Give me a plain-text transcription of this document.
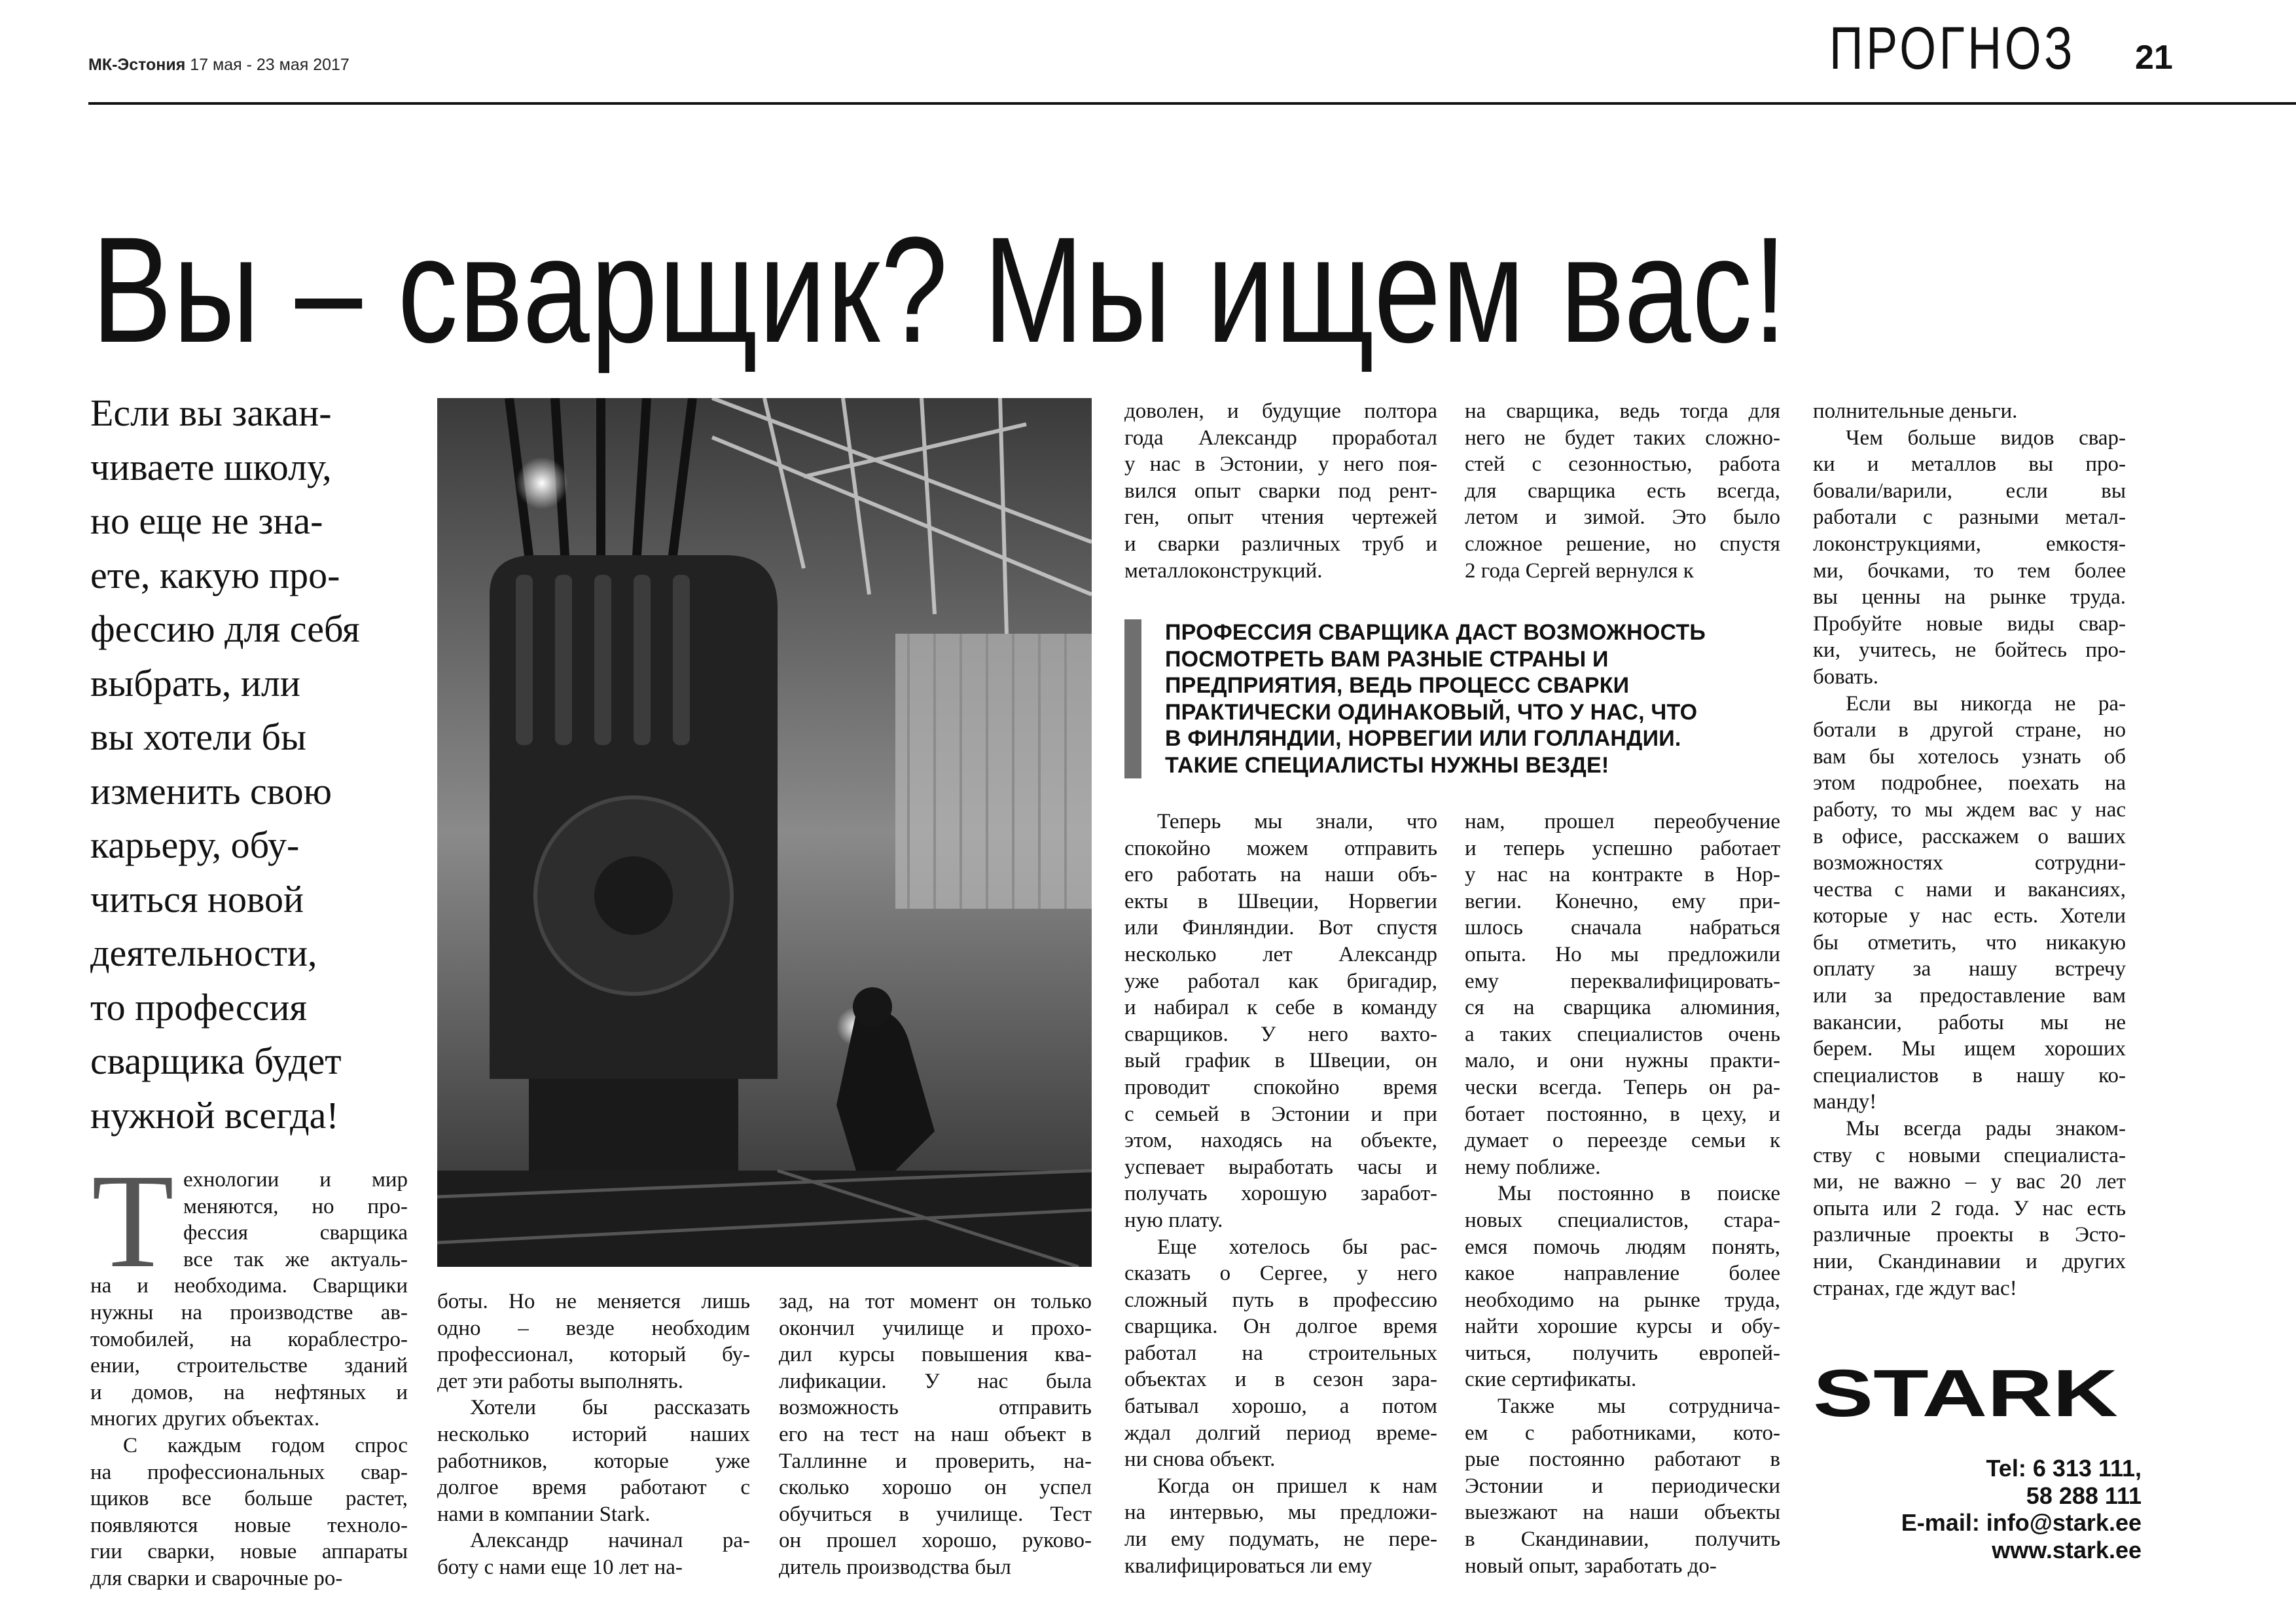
МК-Эстония 17 мая - 23 мая 2017	ПРОГНОЗ 21
Вы – сварщик? Мы ищем вас!
Если вы закан-
чиваете школу,
но еще не зна-
ете, какую про-
фессию для себя
выбрать, или
вы хотели бы
изменить свою
карьеру, обу-
читься новой
деятельности,
то профессия
сварщика будет
нужной всегда!
Т ехнологии и мир
меняются, но про-
фессия сварщика
все так же актуаль-
на и необходима. Сварщики
нужны на производстве ав-
томобилей, на кораблестро-
ении, строительстве зданий
и домов, на нефтяных и
многих других объектах.
С каждым годом спрос
на профессиональных свар-
щиков все больше растет,
появляются новые техноло-
гии сварки, новые аппараты
для сварки и сварочные ро-
боты. Но не меняется лишь
одно – везде необходим
профессионал, который бу-
дет эти работы выполнять.
Хотели бы рассказать
несколько историй наших
работников, которые уже
долгое время работают с
нами в компании Stark.
Александр начинал ра-
боту с нами еще 10 лет на-
зад, на тот момент он только
окончил училище и прохо-
дил курсы повышения ква-
лификации. У нас была
возможность отправить
его на тест на наш объект в
Таллинне и проверить, на-
сколько хорошо он успел
обучиться в училище. Тест
он прошел хорошо, руково-
дитель производства был
доволен, и будущие полтора
года Александр проработал
у нас в Эстонии, у него поя-
вился опыт сварки под рент-
ген, опыт чтения чертежей
и сварки различных труб и
металлоконструкций.
на сварщика, ведь тогда для
него не будет таких сложно-
стей с сезонностью, работа
для сварщика есть всегда,
летом и зимой. Это было
сложное решение, но спустя
2 года Сергей вернулся к
ПРОФЕССИЯ СВАРЩИКА ДАСТ ВОЗМОЖНОСТЬ
ПОСМОТРЕТЬ ВАМ РАЗНЫЕ СТРАНЫ И
ПРЕДПРИЯТИЯ, ВЕДЬ ПРОЦЕСС СВАРКИ
ПРАКТИЧЕСКИ ОДИНАКОВЫЙ, ЧТО У НАС, ЧТО
В ФИНЛЯНДИИ, НОРВЕГИИ ИЛИ ГОЛЛАНДИИ.
ТАКИЕ СПЕЦИАЛИСТЫ НУЖНЫ ВЕЗДЕ!
Теперь мы знали, что
спокойно можем отправить
его работать на наши объ-
екты в Швеции, Норвегии
или Финляндии. Вот спустя
несколько лет Александр
уже работал как бригадир,
и набирал к себе в команду
сварщиков. У него вахто-
вый график в Швеции, он
проводит спокойно время
с семьей в Эстонии и при
этом, находясь на объекте,
успевает выработать часы и
получать хорошую заработ-
ную плату.
Еще хотелось бы рас-
сказать о Сергее, у него
сложный путь в профессию
сварщика. Он долгое время
работал на строительных
объектах и в сезон зара-
батывал хорошо, а потом
ждал долгий период време-
ни снова объект.
Когда он пришел к нам
на интервью, мы предложи-
ли ему подумать, не пере-
квалифицироваться ли ему
нам, прошел переобучение
и теперь успешно работает
у нас на контракте в Нор-
вегии. Конечно, ему при-
шлось сначала набраться
опыта. Но мы предложили
ему переквалифицировать-
ся на сварщика алюминия,
а таких специалистов очень
мало, и они нужны практи-
чески всегда. Теперь он ра-
ботает постоянно, в цеху, и
думает о переезде семьи к
нему поближе.
Мы постоянно в поиске
новых специалистов, стара-
емся помочь людям понять,
какое направление более
необходимо на рынке труда,
найти хорошие курсы и обу-
читься, получить европей-
ские сертификаты.
Также мы сотруднича-
ем с работниками, кото-
рые постоянно работают в
Эстонии и периодически
выезжают на наши объекты
в Скандинавии, получить
новый опыт, заработать до-
полнительные деньги.
Чем больше видов свар-
ки и металлов вы про-
бовали/варили, если вы
работали с разными метал-
локонструкциями, емкостя-
ми, бочками, то тем более
вы ценны на рынке труда.
Пробуйте новые виды свар-
ки, учитесь, не бойтесь про-
бовать.
Если вы никогда не ра-
ботали в другой стране, но
вам бы хотелось узнать об
этом подробнее, поехать на
работу, то мы ждем вас у нас
в офисе, расскажем о ваших
возможностях сотрудни-
чества с нами и вакансиях,
которые у нас есть. Хотели
бы отметить, что никакую
оплату за нашу встречу
или за предоставление вам
вакансии, работы мы не
берем. Мы ищем хороших
специалистов в нашу ко-
манду!
Мы всегда рады знаком-
ству с новыми специалиста-
ми, не важно – у вас 20 лет
опыта или 2 года. У нас есть
различные проекты в Эсто-
нии, Скандинавии и других
странах, где ждут вас!
STARK
Tel: 6 313 111,
58 288 111
E-mail: info@stark.ee
www.stark.ee
